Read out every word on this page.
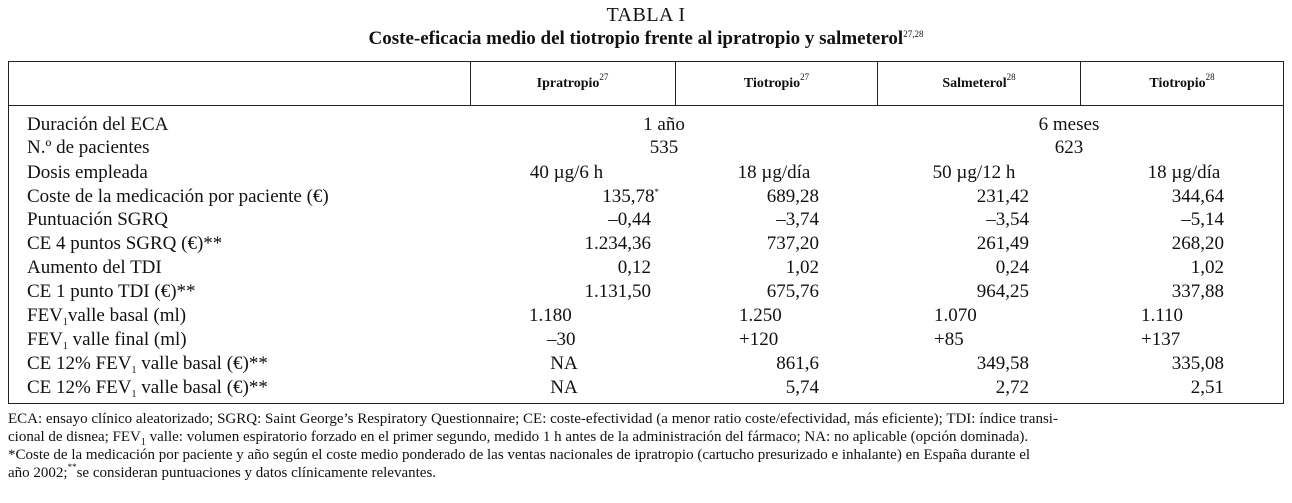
TABLA I
Coste-eficacia medio del tiotropio frente al ipratropio y salmeterol$^{27,28}$
Ipratropio$^{27}$	Tiotropio$^{27}$	Salmeterol$^{28}$	Tiotropio$^{28}$
Duración del ECA	1 año	6 meses
N.º de pacientes	535	623
Dosis empleada	40 µg/6 h	18 µg/día	50 µg/12 h	18 µg/día
Coste de la medicación por paciente (€)	135,78*	689,28	231,42	344,64
Puntuación SGRQ	–0,44	–3,74	–3,54	–5,14
CE 4 puntos SGRQ (€)**	1.234,36	737,20	261,49	268,20
Aumento del TDI	0,12	1,02	0,24	1,02
CE 1 punto TDI (€)**	1.131,50	675,76	964,25	337,88
$FEV_1valle$ basal (ml)	1.180	1.250	1.070	1.110
$FEV_1$ valle final (ml)	–30	+120	+85	+137
CE 12% $FEV_1$ valle basal (€)**	NA	861,6	349,58	335,08
CE 12% $FEV_1$ valle basal (€)**	NA	5,74	2,72	2,51

ECA: ensayo clínico aleatorizado; SGRQ: Saint George’s Respiratory Questionnaire; CE: coste-efectividad (a menor ratio coste/efectividad, más eficiente); TDI: índice transi-

cional de disnea; $FEV_1$ valle: volumen espiratorio forzado en el primer segundo, medido 1 h antes de la administración del fármaco; NA: no aplicable (opción dominada).

*Coste de la medicación por paciente y año según el coste medio ponderado de las ventas nacionales de ipratropio (cartucho presurizado e inhalante) en España durante el

año 2002;**se consideran puntuaciones y datos clínicamente relevantes.
